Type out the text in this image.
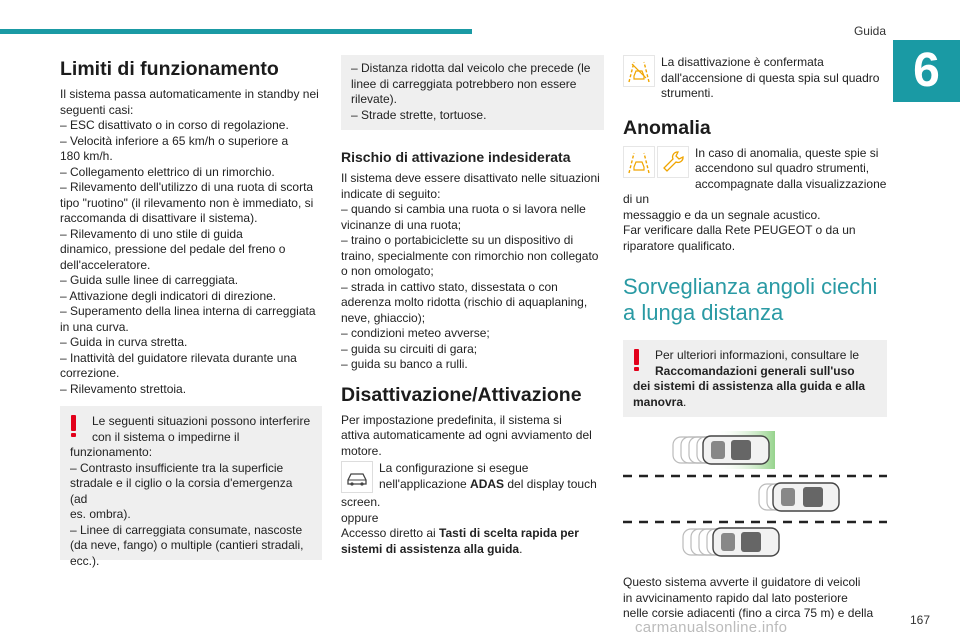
Guida
6
Limiti di funzionamento

Il sistema passa automaticamente in standby nei
seguenti casi:
– ESC disattivato o in corso di regolazione.
– Velocità inferiore a 65 km/h o superiore a
180 km/h.
– Collegamento elettrico di un rimorchio.
– Rilevamento dell'utilizzo di una ruota di scorta
tipo "ruotino" (il rilevamento non è immediato, si
raccomanda di disattivare il sistema).
– Rilevamento di uno stile di guida
dinamico, pressione del pedale del freno o
dell'acceleratore.
– Guida sulle linee di carreggiata.
– Attivazione degli indicatori di direzione.
– Superamento della linea interna di carreggiata
in una curva.
– Guida in curva stretta.
– Inattività del guidatore rilevata durante una
correzione.
– Rilevamento strettoia.

Le seguenti situazioni possono interferire
con il sistema o impedirne il
funzionamento:
– Contrasto insufficiente tra la superficie
stradale e il ciglio o la corsia d'emergenza (ad
es. ombra).
– Linee di carreggiata consumate, nascoste
(da neve, fango) o multiple (cantieri stradali,
ecc.).

– Distanza ridotta dal veicolo che precede (le
linee di carreggiata potrebbero non essere
rilevate).
– Strade strette, tortuose.

Rischio di attivazione indesiderata

Il sistema deve essere disattivato nelle situazioni
indicate di seguito:
– quando si cambia una ruota o si lavora nelle
vicinanze di una ruota;
– traino o portabiciclette su un dispositivo di
traino, specialmente con rimorchio non collegato
o non omologato;
– strada in cattivo stato, dissestata o con
aderenza molto ridotta (rischio di aquaplaning,
neve, ghiaccio);
– condizioni meteo avverse;
– guida su circuiti di gara;
– guida su banco a rulli.

Disattivazione/Attivazione

Per impostazione predefinita, il sistema si
attiva automaticamente ad ogni avviamento del
motore.

La configurazione si esegue
nell'applicazione ADAS del display touch
screen.
oppure
Accesso diretto ai Tasti di scelta rapida per
sistemi di assistenza alla guida.

La disattivazione è confermata
dall'accensione di questa spia sul quadro
strumenti.

Anomalia

In caso di anomalia, queste spie si
accendono sul quadro strumenti,
accompagnate dalla visualizzazione di un
messaggio e da un segnale acustico.
Far verificare dalla Rete PEUGEOT o da un
riparatore qualificato.

Sorveglianza angoli ciechi
a lunga distanza

Per ulteriori informazioni, consultare le
Raccomandazioni generali sull'uso
dei sistemi di assistenza alla guida e alla
manovra.

Questo sistema avverte il guidatore di veicoli
in avvicinamento rapido dal lato posteriore
nelle corsie adiacenti (fino a circa 75 m) e della

carmanualsonline.info	167
